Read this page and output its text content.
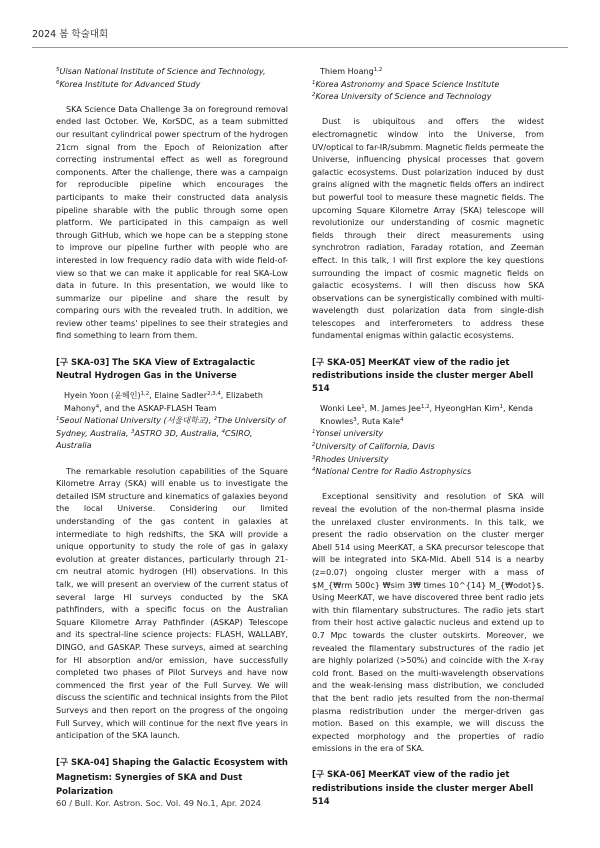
2024 봄 학술대회
$^5$Ulsan National Institute of Science and Technology,
$^6$Korea Institute for Advanced Study

SKA Science Data Challenge 3a on foreground removal ended last October. We, KorSDC, as a team submitted our resultant cylindrical power spectrum of the hydrogen 21cm signal from the Epoch of Reionization after correcting instrumental effect as well as foreground components. After the challenge, there was a campaign for reproducible pipeline which encourages the participants to make their constructed data analysis pipeline sharable with the public through some open platform. We participated in this campaign as well through GitHub, which we hope can be a stepping stone to improve our pipeline further with people who are interested in low frequency radio data with wide field-of-view so that we can make it applicable for real SKA-Low data in future. In this presentation, we would like to summarize our pipeline and share the result by comparing ours with the revealed truth. In addition, we review other teams' pipelines to see their strategies and find something to learn from them.

[구 SKA-03] The SKA View of Extragalactic Neutral Hydrogen Gas in the Universe

Hyein Yoon (윤혜인)$^{1,2}$, Elaine Sadler$^{2,3,4}$, Elizabeth Mahony$^4$, and the ASKAP-FLASH Team
$^1$Seoul National University (서울대학교), $^2$The University of Sydney, Australia, $^3$ASTRO 3D, Australia, $^4$CSIRO, Australia

The remarkable resolution capabilities of the Square Kilometre Array (SKA) will enable us to investigate the detailed ISM structure and kinematics of galaxies beyond the local Universe. Considering our limited understanding of the gas content in galaxies at intermediate to high redshifts, the SKA will provide a unique opportunity to study the role of gas in galaxy evolution at greater distances, particularly through 21-cm neutral atomic hydrogen (HI) observations. In this talk, we will present an overview of the current status of several large HI surveys conducted by the SKA pathfinders, with a specific focus on the Australian Square Kilometre Array Pathfinder (ASKAP) Telescope and its spectral-line science projects: FLASH, WALLABY, DINGO, and GASKAP. These surveys, aimed at searching for HI absorption and/or emission, have successfully completed two phases of Pilot Surveys and have now commenced the first year of the Full Survey. We will discuss the scientific and technical insights from the Pilot Surveys and then report on the progress of the ongoing Full Survey, which will continue for the next five years in anticipation of the SKA launch.

[구 SKA-04] Shaping the Galactic Ecosystem with Magnetism: Synergies of SKA and Dust Polarization

Thiem Hoang$^{1,2}$
$^1$Korea Astronomy and Space Science Institute
$^2$Korea University of Science and Technology

Dust is ubiquitous and offers the widest electromagnetic window into the Universe, from UV/optical to far-IR/submm. Magnetic fields permeate the Universe, influencing physical processes that govern galactic ecosystems. Dust polarization induced by dust grains aligned with the magnetic fields offers an indirect but powerful tool to measure these magnetic fields. The upcoming Square Kilometre Array (SKA) telescope will revolutionize our understanding of cosmic magnetic fields through their direct measurements using synchrotron radiation, Faraday rotation, and Zeeman effect. In this talk, I will first explore the key questions surrounding the impact of cosmic magnetic fields on galactic ecosystems. I will then discuss how SKA observations can be synergistically combined with multi-wavelength dust polarization data from single-dish telescopes and interferometers to address these fundamental enigmas within galactic ecosystems.

[구 SKA-05] MeerKAT view of the radio jet redistributions inside the cluster merger Abell 514

Wonki Lee$^1$, M. James Jee$^{1,2}$, HyeongHan Kim$^1$, Kenda Knowles$^3$, Ruta Kale$^4$
$^1$Yonsei university
$^2$University of California, Davis
$^3$Rhodes University
$^4$National Centre for Radio Astrophysics

Exceptional sensitivity and resolution of SKA will reveal the evolution of the non-thermal plasma inside the unrelaxed cluster environments. In this talk, we present the radio observation on the cluster merger Abell 514 using MeerKAT, a SKA precursor telescope that will be integrated into SKA-Mid. Abell 514 is a nearby (z=0.07) ongoing cluster merger with a mass of $M_{₩rm 500c} ₩sim 3₩ times 10^{14} M_{₩odot}$. Using MeerKAT, we have discovered three bent radio jets with thin filamentary substructures. The radio jets start from their host active galactic nucleus and extend up to 0.7 Mpc towards the cluster outskirts. Moreover, we revealed the filamentary substructures of the radio jet are highly polarized (>50%) and coincide with the X-ray cold front. Based on the multi-wavelength observations and the weak-lensing mass distribution, we concluded that the bent radio jets resulted from the non-thermal plasma redistribution under the merger-driven gas motion. Based on this example, we will discuss the expected morphology and the properties of radio emissions in the era of SKA.

[구 SKA-06] MeerKAT view of the radio jet redistributions inside the cluster merger Abell 514

60 / Bull. Kor. Astron. Soc. Vol. 49 No.1, Apr. 2024
